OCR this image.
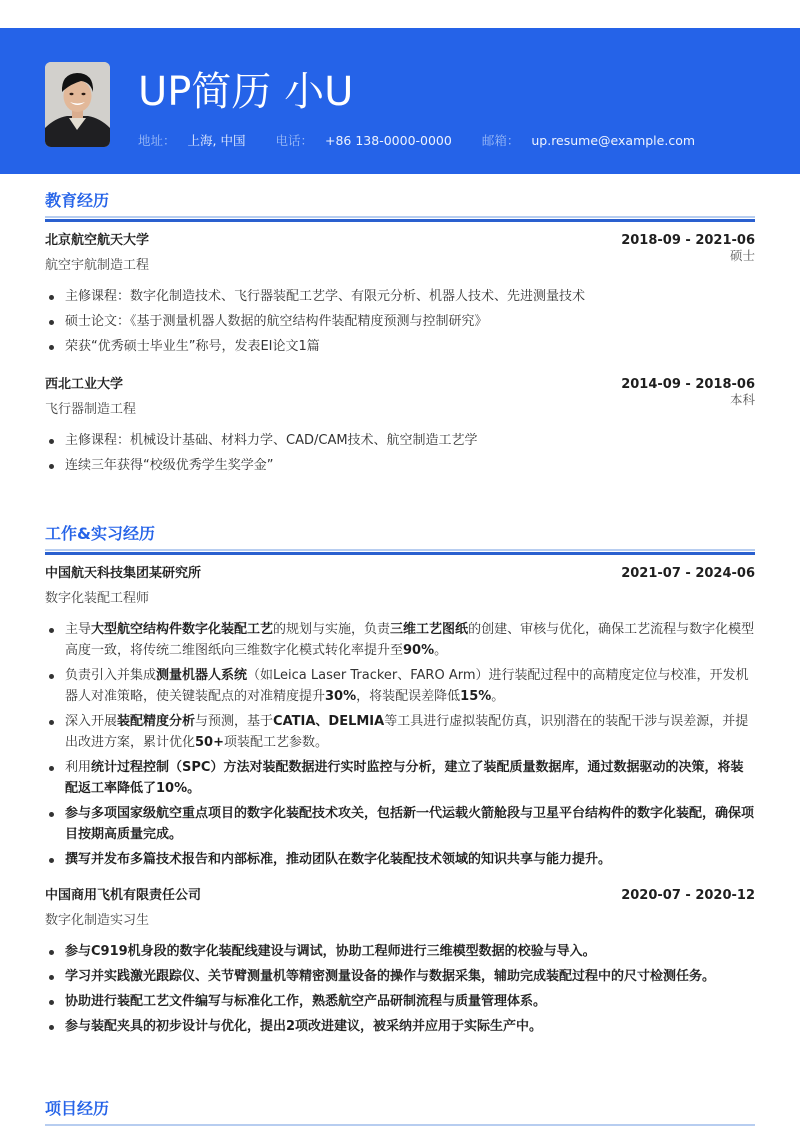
UP简历 小U
地址： 上海, 中国 电话： +86 138-0000-0000 邮箱： up.resume@example.com
教育经历
北京航空航天大学	2018-09 - 2021-06
航空宇航制造工程
硕士
主修课程：数字化制造技术、飞行器装配工艺学、有限元分析、机器人技术、先进测量技术
硕士论文：《基于测量机器人数据的航空结构件装配精度预测与控制研究》
荣获“优秀硕士毕业生”称号，发表EI论文1篇
西北工业大学	2014-09 - 2018-06
飞行器制造工程
本科
主修课程：机械设计基础、材料力学、CAD/CAM技术、航空制造工艺学
连续三年获得“校级优秀学生奖学金”
工作&实习经历
中国航天科技集团某研究所	2021-07 - 2024-06
数字化装配工程师
主导大型航空结构件数字化装配工艺的规划与实施，负责三维工艺图纸的创建、审核与优化，确保工艺流程与数字化模型高度一致，将传统二维图纸向三维数字化模式转化率提升至90%。
负责引入并集成测量机器人系统（如Leica Laser Tracker、FARO Arm）进行装配过程中的高精度定位与校准，开发机器人对准策略，使关键装配点的对准精度提升30%，将装配误差降低15%。
深入开展装配精度分析与预测，基于CATIA、DELMIA等工具进行虚拟装配仿真，识别潜在的装配干涉与误差源，并提出改进方案，累计优化50+项装配工艺参数。
利用统计过程控制（SPC）方法对装配数据进行实时监控与分析，建立了装配质量数据库，通过数据驱动的决策，将装配返工率降低了10%。
参与多项国家级航空重点项目的数字化装配技术攻关，包括新一代运载火箭舱段与卫星平台结构件的数字化装配，确保项目按期高质量完成。
撰写并发布多篇技术报告和内部标准，推动团队在数字化装配技术领域的知识共享与能力提升。
中国商用飞机有限责任公司	2020-07 - 2020-12
数字化制造实习生
参与C919机身段的数字化装配线建设与调试，协助工程师进行三维模型数据的校验与导入。
学习并实践激光跟踪仪、关节臂测量机等精密测量设备的操作与数据采集，辅助完成装配过程中的尺寸检测任务。
协助进行装配工艺文件编写与标准化工作，熟悉航空产品研制流程与质量管理体系。
参与装配夹具的初步设计与优化，提出2项改进建议，被采纳并应用于实际生产中。
项目经历
